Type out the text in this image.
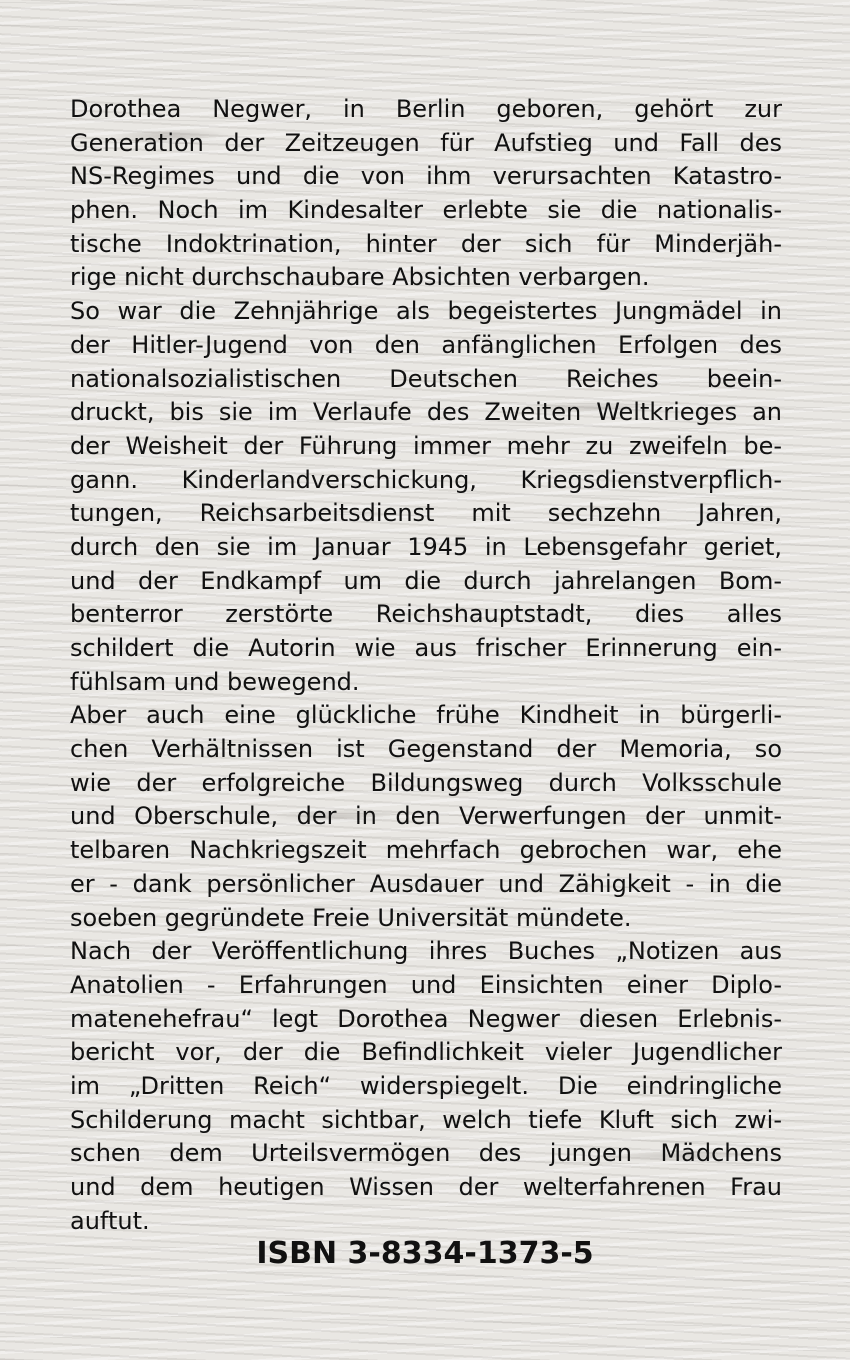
Dorothea Negwer, in Berlin geboren, gehört zur
Generation der Zeitzeugen für Aufstieg und Fall des
NS-Regimes und die von ihm verursachten Katastro-
phen. Noch im Kindesalter erlebte sie die nationalis-
tische Indoktrination, hinter der sich für Minderjäh-
rige nicht durchschaubare Absichten verbargen.
So war die Zehnjährige als begeistertes Jungmädel in
der Hitler-Jugend von den anfänglichen Erfolgen des
nationalsozialistischen Deutschen Reiches beein-
druckt, bis sie im Verlaufe des Zweiten Weltkrieges an
der Weisheit der Führung immer mehr zu zweifeln be-
gann. Kinderlandverschickung, Kriegsdienstverpflich-
tungen, Reichsarbeitsdienst mit sechzehn Jahren,
durch den sie im Januar 1945 in Lebensgefahr geriet,
und der Endkampf um die durch jahrelangen Bom-
benterror zerstörte Reichshauptstadt, dies alles
schildert die Autorin wie aus frischer Erinnerung ein-
fühlsam und bewegend.
Aber auch eine glückliche frühe Kindheit in bürgerli-
chen Verhältnissen ist Gegenstand der Memoria, so
wie der erfolgreiche Bildungsweg durch Volksschule
und Oberschule, der in den Verwerfungen der unmit-
telbaren Nachkriegszeit mehrfach gebrochen war, ehe
er - dank persönlicher Ausdauer und Zähigkeit - in die
soeben gegründete Freie Universität mündete.
Nach der Veröffentlichung ihres Buches „Notizen aus
Anatolien - Erfahrungen und Einsichten einer Diplo-
matenehefrau“ legt Dorothea Negwer diesen Erlebnis-
bericht vor, der die Befindlichkeit vieler Jugendlicher
im „Dritten Reich“ widerspiegelt. Die eindringliche
Schilderung macht sichtbar, welch tiefe Kluft sich zwi-
schen dem Urteilsvermögen des jungen Mädchens
und dem heutigen Wissen der welterfahrenen Frau
auftut.
ISBN 3-8334-1373-5
